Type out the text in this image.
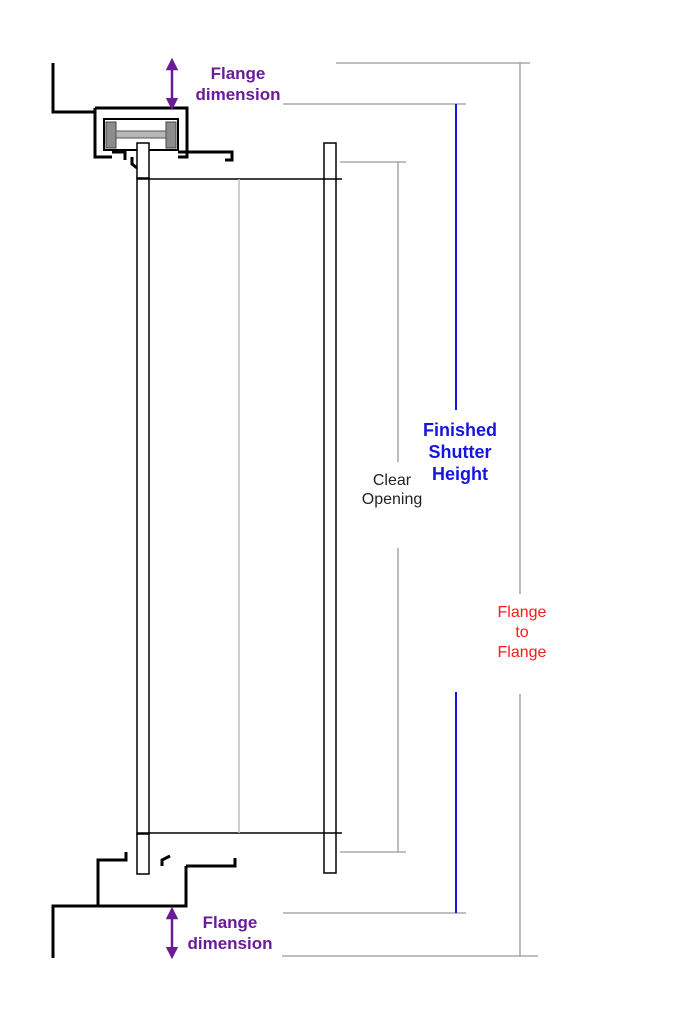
Flange
dimension
Flange
dimension
Finished
Shutter
Height
Clear
Opening
Flange
to
Flange
